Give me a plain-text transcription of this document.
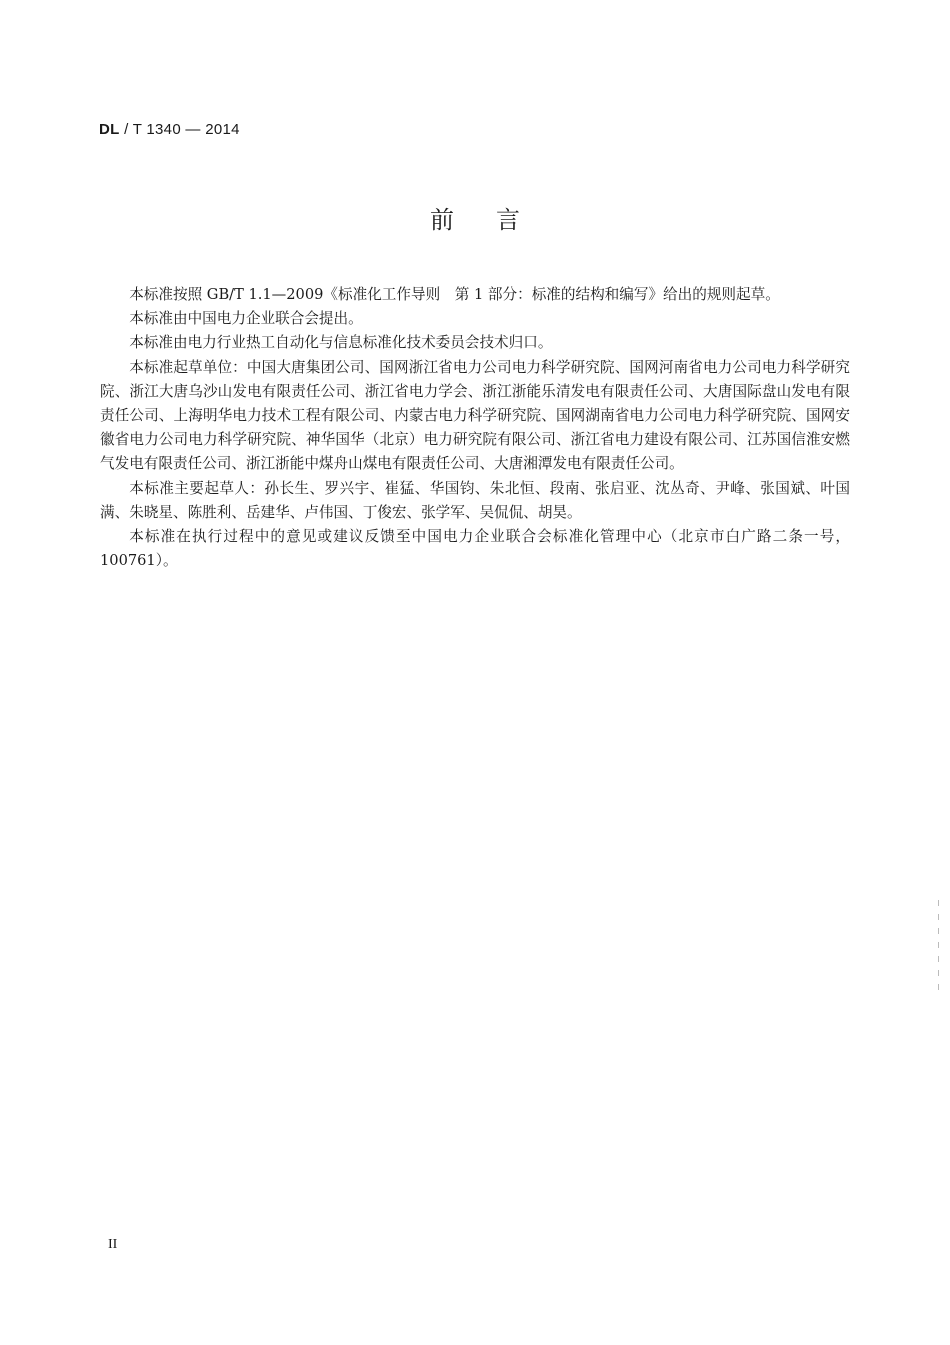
DL / T 1340 — 2014
前言

本标准按照 GB/T 1.1—2009《标准化工作导则　第 1 部分：标准的结构和编写》给出的规则起草。

本标准由中国电力企业联合会提出。

本标准由电力行业热工自动化与信息标准化技术委员会技术归口。

本标准起草单位：中国大唐集团公司、国网浙江省电力公司电力科学研究院、国网河南省电力公司电力科学研究院、浙江大唐乌沙山发电有限责任公司、浙江省电力学会、浙江浙能乐清发电有限责任公司、大唐国际盘山发电有限责任公司、上海明华电力技术工程有限公司、内蒙古电力科学研究院、国网湖南省电力公司电力科学研究院、国网安徽省电力公司电力科学研究院、神华国华（北京）电力研究院有限公司、浙江省电力建设有限公司、江苏国信淮安燃气发电有限责任公司、浙江浙能中煤舟山煤电有限责任公司、大唐湘潭发电有限责任公司。

本标准主要起草人：孙长生、罗兴宇、崔猛、华国钧、朱北恒、段南、张启亚、沈丛奇、尹峰、张国斌、叶国满、朱晓星、陈胜利、岳建华、卢伟国、丁俊宏、张学军、吴侃侃、胡昊。

本标准在执行过程中的意见或建议反馈至中国电力企业联合会标准化管理中心（北京市白广路二条一号，100761）。

II
